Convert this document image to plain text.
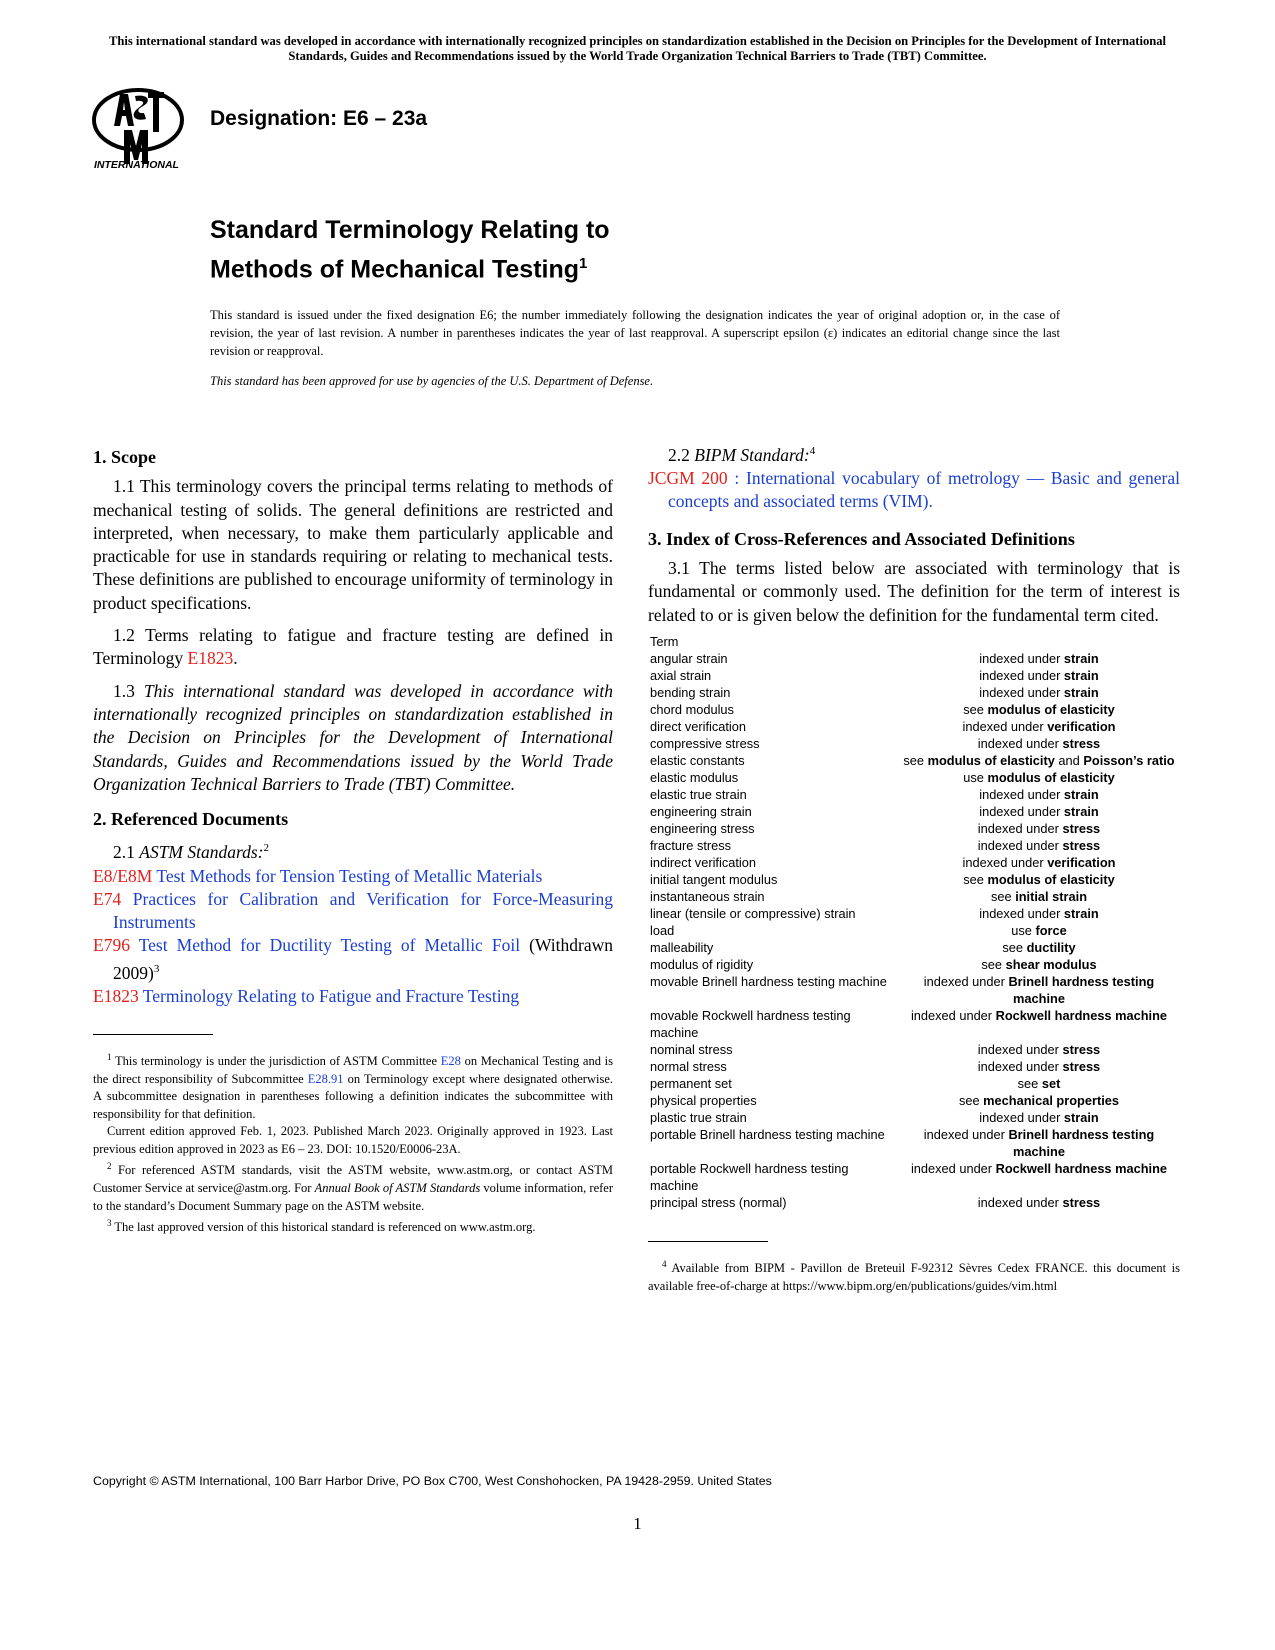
This international standard was developed in accordance with internationally recognized principles on standardization established in the Decision on Principles for the Development of International Standards, Guides and Recommendations issued by the World Trade Organization Technical Barriers to Trade (TBT) Committee.
INTERNATIONAL
Designation: E6 – 23a
Standard Terminology Relating to
Methods of Mechanical Testing$^1$

This standard is issued under the fixed designation E6; the number immediately following the designation indicates the year of original adoption or, in the case of revision, the year of last revision. A number in parentheses indicates the year of last reapproval. A superscript epsilon (ε) indicates an editorial change since the last revision or reapproval.

This standard has been approved for use by agencies of the U.S. Department of Defense.

1. Scope

1.1 This terminology covers the principal terms relating to methods of mechanical testing of solids. The general definitions are restricted and interpreted, when necessary, to make them particularly applicable and practicable for use in standards requiring or relating to mechanical tests. These definitions are published to encourage uniformity of terminology in product specifications.

1.2 Terms relating to fatigue and fracture testing are defined in Terminology E1823.

1.3 This international standard was developed in accordance with internationally recognized principles on standardization established in the Decision on Principles for the Development of International Standards, Guides and Recommendations issued by the World Trade Organization Technical Barriers to Trade (TBT) Committee.

2. Referenced Documents
2.1 ASTM Standards:$^2$
E8/E8M Test Methods for Tension Testing of Metallic Materials
E74 Practices for Calibration and Verification for Force-Measuring Instruments
E796 Test Method for Ductility Testing of Metallic Foil (Withdrawn 2009)$^3$
E1823 Terminology Relating to Fatigue and Fracture Testing

$^1$ This terminology is under the jurisdiction of ASTM Committee E28 on Mechanical Testing and is the direct responsibility of Subcommittee E28.91 on Terminology except where designated otherwise. A subcommittee designation in parentheses following a definition indicates the subcommittee with responsibility for that definition.

Current edition approved Feb. 1, 2023. Published March 2023. Originally approved in 1923. Last previous edition approved in 2023 as E6 – 23. DOI: 10.1520/E0006-23A.

$^2$ For referenced ASTM standards, visit the ASTM website, www.astm.org, or contact ASTM Customer Service at service@astm.org. For Annual Book of ASTM Standards volume information, refer to the standard’s Document Summary page on the ASTM website.

$^3$ The last approved version of this historical standard is referenced on www.astm.org.

2.2 BIPM Standard:$^4$
JCGM 200 : International vocabulary of metrology — Basic and general concepts and associated terms (VIM).
3. Index of Cross-References and Associated Definitions

3.1 The terms listed below are associated with terminology that is fundamental or commonly used. The definition for the term of interest is related to or is given below the definition for the fundamental term cited.

Term	
angular strain	indexed under strain
axial strain	indexed under strain
bending strain	indexed under strain
chord modulus	see modulus of elasticity
direct verification	indexed under verification
compressive stress	indexed under stress
elastic constants	see modulus of elasticity and Poisson’s ratio
elastic modulus	use modulus of elasticity
elastic true strain	indexed under strain
engineering strain	indexed under strain
engineering stress	indexed under stress
fracture stress	indexed under stress
indirect verification	indexed under verification
initial tangent modulus	see modulus of elasticity
instantaneous strain	see initial strain
linear (tensile or compressive) strain	indexed under strain
load	use force
malleability	see ductility
modulus of rigidity	see shear modulus
movable Brinell hardness testing machine	indexed under Brinell hardness testing machine
movable Rockwell hardness testing machine	indexed under Rockwell hardness machine
nominal stress	indexed under stress
normal stress	indexed under stress
permanent set	see set
physical properties	see mechanical properties
plastic true strain	indexed under strain
portable Brinell hardness testing machine	indexed under Brinell hardness testing machine
portable Rockwell hardness testing machine	indexed under Rockwell hardness machine
principal stress (normal)	indexed under stress

$^4$ Available from BIPM - Pavillon de Breteuil F-92312 Sèvres Cedex FRANCE. this document is available free-of-charge at https://www.bipm.org/en/publications/guides/vim.html

Copyright © ASTM International, 100 Barr Harbor Drive, PO Box C700, West Conshohocken, PA 19428-2959. United States
1
